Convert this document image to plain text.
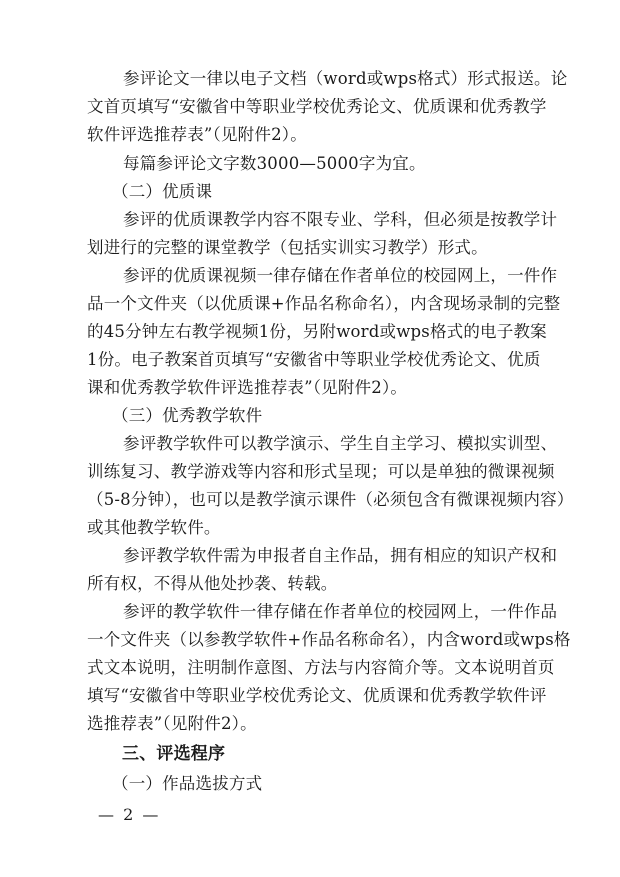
参评论文一律以电子文档（word或wps格式）形式报送。论
文首页填写“安徽省中等职业学校优秀论文、优质课和优秀教学
软件评选推荐表”（见附件2）。
每篇参评论文字数3000—5000字为宜。
（二）优质课
参评的优质课教学内容不限专业、学科，但必须是按教学计
划进行的完整的课堂教学（包括实训实习教学）形式。
参评的优质课视频一律存储在作者单位的校园网上，一件作
品一个文件夹（以优质课+作品名称命名），内含现场录制的完整
的45分钟左右教学视频1份，另附word或wps格式的电子教案
1份。电子教案首页填写“安徽省中等职业学校优秀论文、优质
课和优秀教学软件评选推荐表”（见附件2）。
（三）优秀教学软件
参评教学软件可以教学演示、学生自主学习、模拟实训型、
训练复习、教学游戏等内容和形式呈现；可以是单独的微课视频
（5-8分钟），也可以是教学演示课件（必须包含有微课视频内容）
或其他教学软件。
参评教学软件需为申报者自主作品，拥有相应的知识产权和
所有权，不得从他处抄袭、转载。
参评的教学软件一律存储在作者单位的校园网上，一件作品
一个文件夹（以参教学软件+作品名称命名），内含word或wps格
式文本说明，注明制作意图、方法与内容简介等。文本说明首页
填写“安徽省中等职业学校优秀论文、优质课和优秀教学软件评
选推荐表”（见附件2）。
三、评选程序
（一）作品选拔方式
— 2 —
